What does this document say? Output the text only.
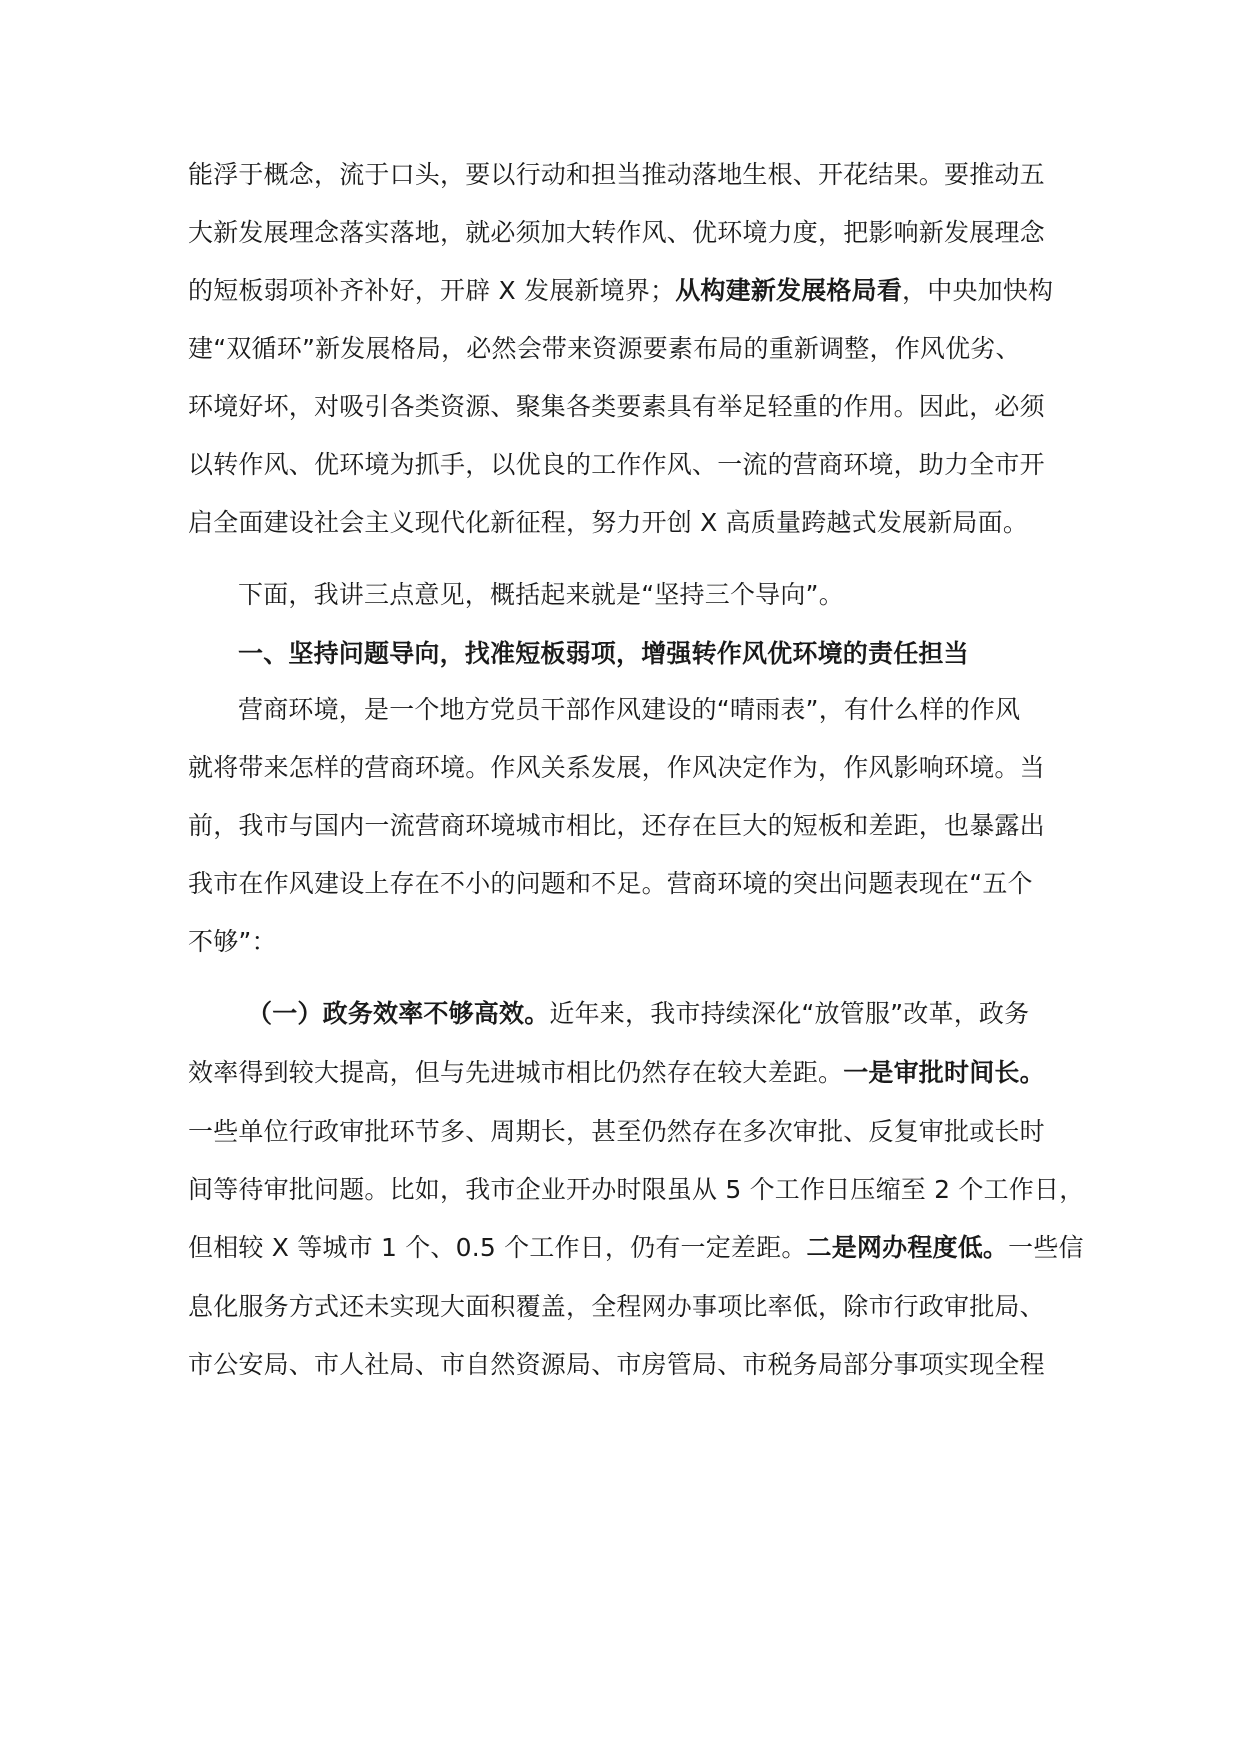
能浮于概念，流于口头，要以行动和担当推动落地生根、开花结果。要推动五
大新发展理念落实落地，就必须加大转作风、优环境力度，把影响新发展理念
的短板弱项补齐补好，开辟 X 发展新境界；从构建新发展格局看，中央加快构
建“双循环”新发展格局，必然会带来资源要素布局的重新调整，作风优劣、
环境好坏，对吸引各类资源、聚集各类要素具有举足轻重的作用。因此，必须
以转作风、优环境为抓手，以优良的工作作风、一流的营商环境，助力全市开
启全面建设社会主义现代化新征程，努力开创 X 高质量跨越式发展新局面。
下面，我讲三点意见，概括起来就是“坚持三个导向”。
一、坚持问题导向，找准短板弱项，增强转作风优环境的责任担当
营商环境，是一个地方党员干部作风建设的“晴雨表”，有什么样的作风
就将带来怎样的营商环境。作风关系发展，作风决定作为，作风影响环境。当
前，我市与国内一流营商环境城市相比，还存在巨大的短板和差距，也暴露出
我市在作风建设上存在不小的问题和不足。营商环境的突出问题表现在“五个
不够”：
（一）政务效率不够高效。近年来，我市持续深化“放管服”改革，政务
效率得到较大提高，但与先进城市相比仍然存在较大差距。一是审批时间长。
一些单位行政审批环节多、周期长，甚至仍然存在多次审批、反复审批或长时
间等待审批问题。比如，我市企业开办时限虽从 5 个工作日压缩至 2 个工作日，
但相较 X 等城市 1 个、0.5 个工作日，仍有一定差距。二是网办程度低。一些信
息化服务方式还未实现大面积覆盖，全程网办事项比率低，除市行政审批局、
市公安局、市人社局、市自然资源局、市房管局、市税务局部分事项实现全程
